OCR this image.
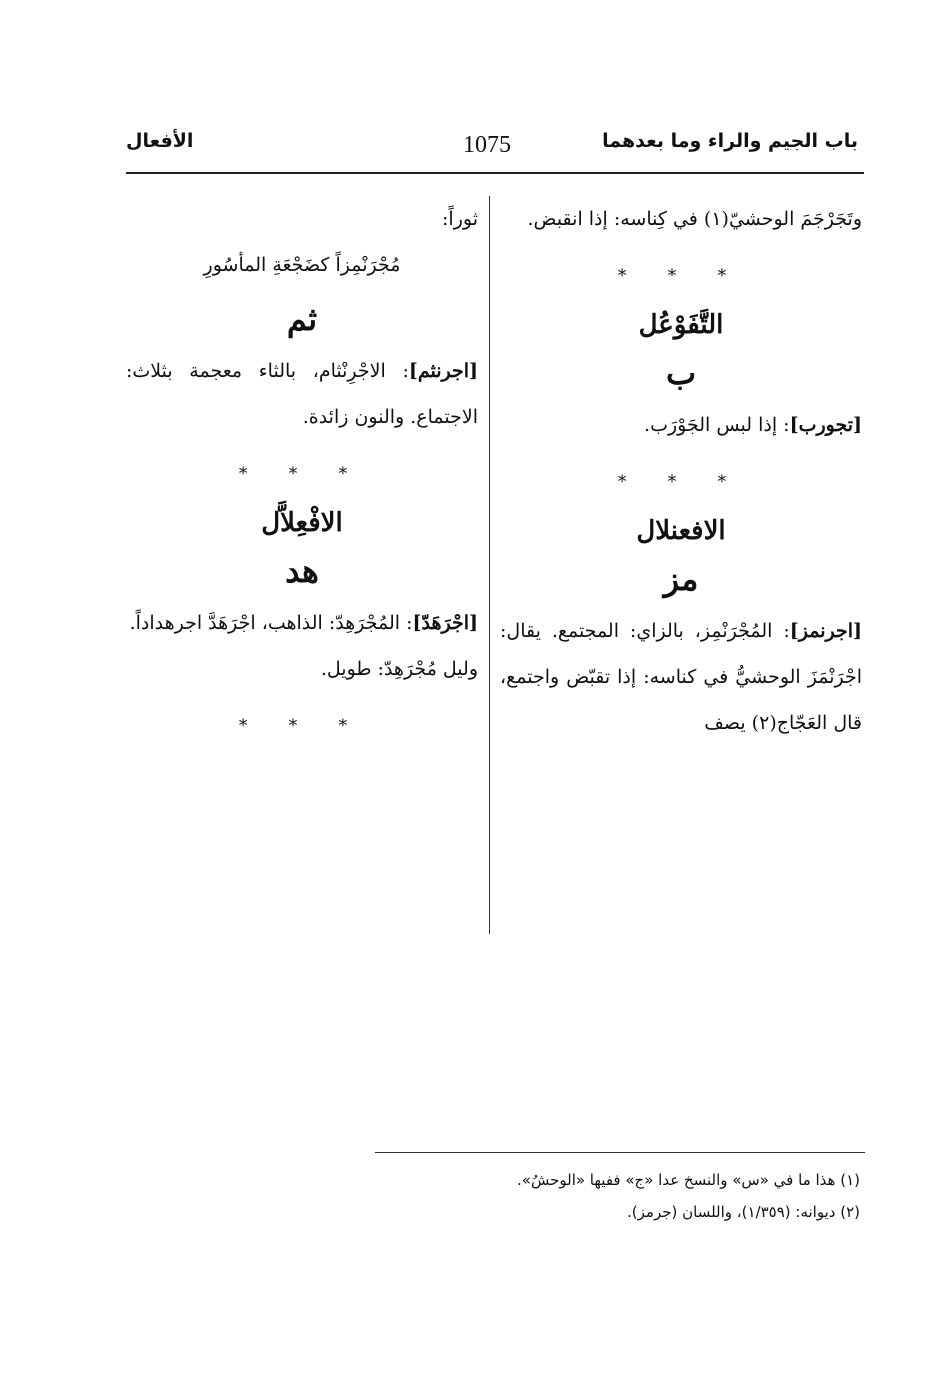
باب الجيم والراء وما بعدهما
1075
الأفعال

وتَجَرْجَمَ الوحشيّ(١) في كِناسه: إذا انقبض.

* * *
التَّفَوْعُل
ب

[تجورب]: إذا لبس الجَوْرَب.

* * *
الافعنلال
مز

[اجرنمز]: المُجْرَنْمِز، بالزاي: المجتمع. يقال: اجْرَنْمَزَ الوحشيُّ في كناسه: إذا تقبّض واجتمع، قال العَجّاج(٢) يصف

ثوراً:

مُجْرَنْمِزاً كضَجْعَةِ المأسُورِ

ثم

[اجرنثم]: الاجْرِنْثام، بالثاء معجمة بثلاث: الاجتماع. والنون زائدة.

* * *
الافْعِلاَّل
هد

[اجْرَهَدّ]: المُجْرَهِدّ: الذاهب، اجْرَهَدَّ اجرهداداً.

وليل مُجْرَهِدّ: طويل.

* * *
(١) هذا ما في «س» والنسخ عدا «ج» ففيها «الوحشُ».
(٢) ديوانه: (١/٣٥٩)، واللسان (جرمز).
